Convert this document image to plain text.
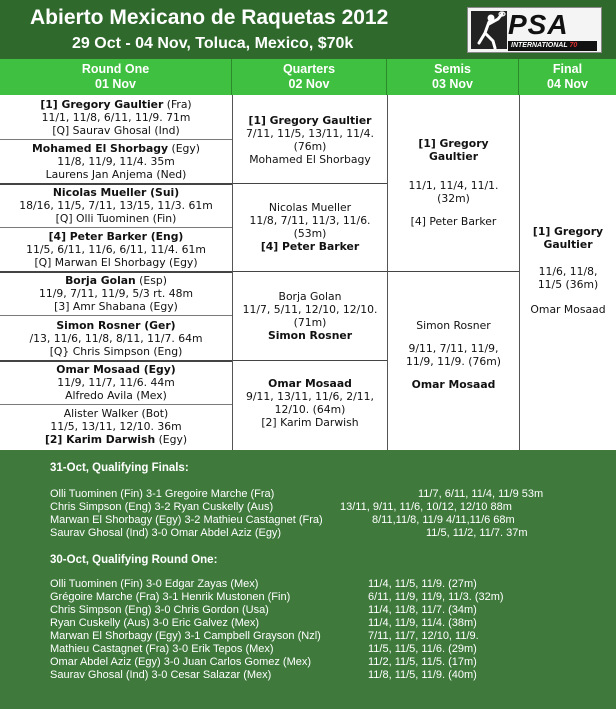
Abierto Mexicano de Raquetas 2012
29 Oct - 04 Nov, Toluca, Mexico, $70k
PSA
INTERNATIONAL 70
Round One
01 Nov
Quarters
02 Nov
Semis
03 Nov
Final
04 Nov
[1] Gregory Gaultier (Fra)
11/1, 11/8, 6/11, 11/9. 71m
[Q] Saurav Ghosal (Ind)
Mohamed El Shorbagy (Egy)
11/8, 11/9, 11/4. 35m
Laurens Jan Anjema (Ned)
Nicolas Mueller (Sui)
18/16, 11/5, 7/11, 13/15, 11/3. 61m
[Q] Olli Tuominen (Fin)
[4] Peter Barker (Eng)
11/5, 6/11, 11/6, 6/11, 11/4. 61m
[Q] Marwan El Shorbagy (Egy)
Borja Golan (Esp)
11/9, 7/11, 11/9, 5/3 rt. 48m
[3] Amr Shabana (Egy)
Simon Rosner (Ger)
/13, 11/6, 11/8, 8/11, 11/7. 64m
[Q} Chris Simpson (Eng)
Omar Mosaad (Egy)
11/9, 11/7, 11/6. 44m
Alfredo Avila (Mex)
Alister Walker (Bot)
11/5, 13/11, 12/10. 36m
[2] Karim Darwish (Egy)
[1] Gregory Gaultier
7/11, 11/5, 13/11, 11/4.
(76m)
Mohamed El Shorbagy
Nicolas Mueller
11/8, 7/11, 11/3, 11/6.
(53m)
[4] Peter Barker
Borja Golan
11/7, 5/11, 12/10, 12/10.
(71m)
Simon Rosner
Omar Mosaad
9/11, 13/11, 11/6, 2/11,
12/10. (64m)
[2] Karim Darwish
[1] Gregory
Gaultier
11/1, 11/4, 11/1.
(32m)
[4] Peter Barker
Simon Rosner
9/11, 7/11, 11/9,
11/9, 11/9. (76m)
Omar Mosaad
[1] Gregory
Gaultier
11/6, 11/8,
11/5 (36m)
Omar Mosaad
31-Oct, Qualifying Finals:
Olli Tuominen (Fin) 3-1 Gregoire Marche (Fra)	11/7, 6/11, 11/4, 11/9 53m
Chris Simpson (Eng) 3-2 Ryan Cuskelly (Aus)	13/11, 9/11, 11/6, 10/12, 12/10 88m
Marwan El Shorbagy (Egy) 3-2 Mathieu Castagnet (Fra)	8/11,11/8, 11/9 4/11,11/6 68m
Saurav Ghosal (Ind) 3-0 Omar Abdel Aziz (Egy)	11/5, 11/2, 11/7. 37m
30-Oct, Qualifying Round One:
Olli Tuominen (Fin) 3-0 Edgar Zayas (Mex)	11/4, 11/5, 11/9. (27m)
Grégoire Marche (Fra) 3-1 Henrik Mustonen (Fin)	6/11, 11/9, 11/9, 11/3. (32m)
Chris Simpson (Eng) 3-0 Chris Gordon (Usa)	11/4, 11/8, 11/7. (34m)
Ryan Cuskelly (Aus) 3-0 Eric Galvez (Mex)	11/4, 11/9, 11/4. (38m)
Marwan El Shorbagy (Egy) 3-1 Campbell Grayson (Nzl)	7/11, 11/7, 12/10, 11/9.
Mathieu Castagnet (Fra) 3-0 Erik Tepos (Mex)	11/5, 11/5, 11/6. (29m)
Omar Abdel Aziz (Egy) 3-0 Juan Carlos Gomez (Mex)	11/2, 11/5, 11/5. (17m)
Saurav Ghosal (Ind) 3-0 Cesar Salazar (Mex)	11/8, 11/5, 11/9. (40m)
